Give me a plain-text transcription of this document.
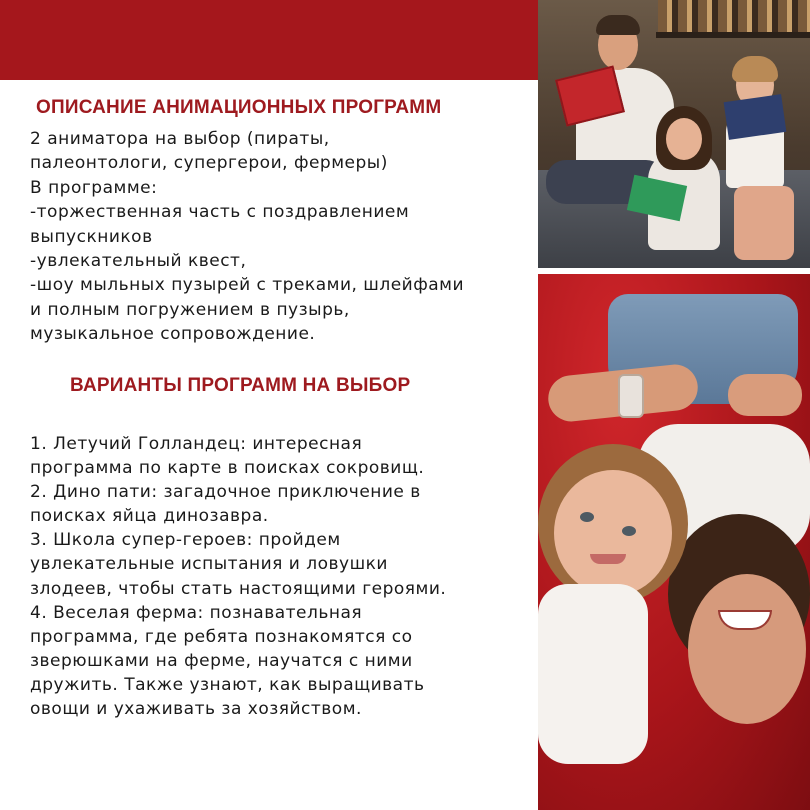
ОПИСАНИЕ АНИМАЦИОННЫХ ПРОГРАММ
2 аниматора на выбор (пираты,
палеонтологи, супергерои, фермеры)
В программе:
-торжественная часть с поздравлением
выпускников
-увлекательный квест,
-шоу мыльных пузырей с треками, шлейфами
и полным погружением в пузырь,
музыкальное сопровождение.
ВАРИАНТЫ ПРОГРАММ НА ВЫБОР
1. Летучий Голландец: интересная
программа по карте в поисках сокровищ.
2. Дино пати: загадочное приключение в
поисках яйца динозавра.
3. Школа супер-героев: пройдем
увлекательные испытания и ловушки
злодеев, чтобы стать настоящими героями.
4. Веселая ферма: познавательная
программа, где ребята познакомятся со
зверюшками на ферме, научатся с ними
дружить. Также узнают, как выращивать
овощи и ухаживать за хозяйством.
